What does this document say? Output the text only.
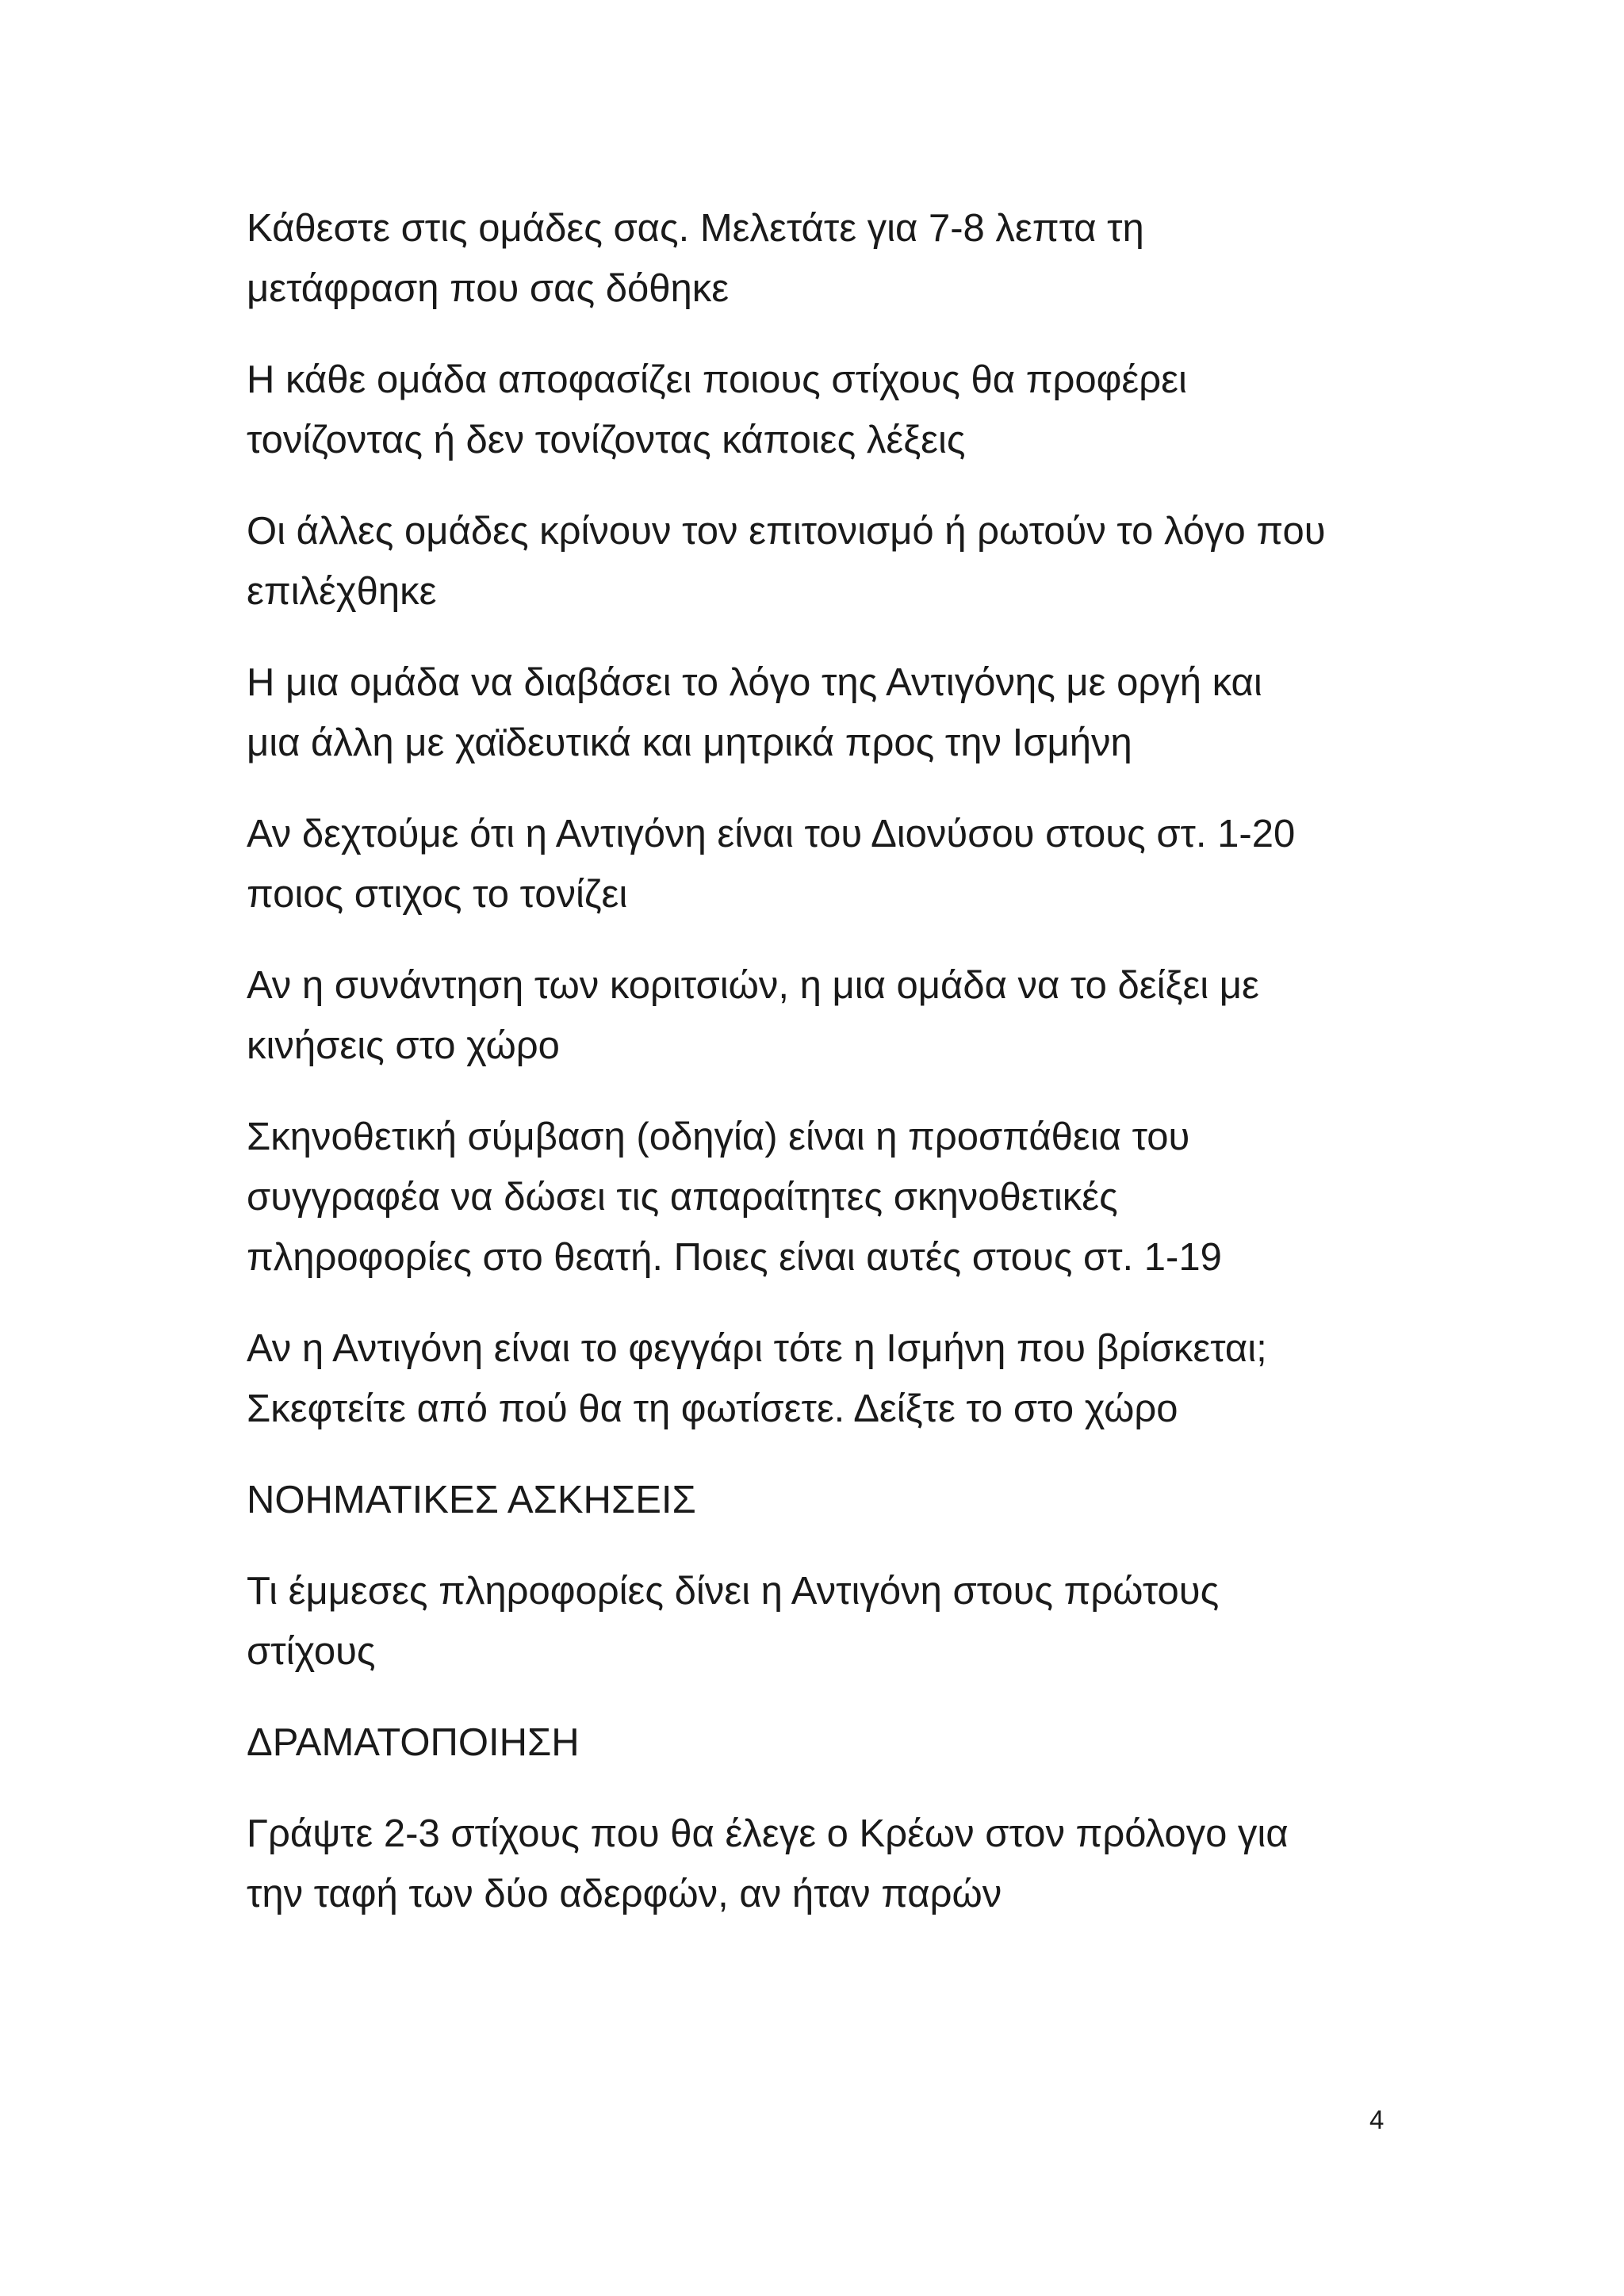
Κάθεστε στις ομάδες σας. Μελετάτε για 7-8 λεπτα τη
μετάφραση που σας δόθηκε

Η κάθε ομάδα αποφασίζει ποιους στίχους θα προφέρει
τονίζοντας ή δεν τονίζοντας κάποιες λέξεις

Οι άλλες ομάδες κρίνουν τον επιτονισμό ή ρωτούν το λόγο που
επιλέχθηκε

Η μια ομάδα να διαβάσει το λόγο της Αντιγόνης με οργή και
μια άλλη με χαϊδευτικά και μητρικά προς την Ισμήνη

Αν δεχτούμε ότι η Αντιγόνη είναι του Διονύσου στους στ. 1-20
ποιος στιχος το τονίζει

Αν η συνάντηση των κοριτσιών, η μια ομάδα να το δείξει με
κινήσεις στο χώρο

Σκηνοθετική σύμβαση (οδηγία) είναι η προσπάθεια του
συγγραφέα να δώσει τις απαραίτητες σκηνοθετικές
πληροφορίες στο θεατή. Ποιες είναι αυτές στους στ. 1-19

Αν η Αντιγόνη είναι το φεγγάρι τότε η Ισμήνη που βρίσκεται;
Σκεφτείτε από πού θα τη φωτίσετε. Δείξτε το στο χώρο

ΝΟΗΜΑΤΙΚΕΣ ΑΣΚΗΣΕΙΣ

Τι έμμεσες πληροφορίες δίνει η Αντιγόνη στους πρώτους
στίχους

ΔΡΑΜΑΤΟΠΟΙΗΣΗ

Γράψτε 2-3 στίχους που θα έλεγε ο Κρέων στον πρόλογο για
την ταφή των δύο αδερφών, αν ήταν παρών

4
